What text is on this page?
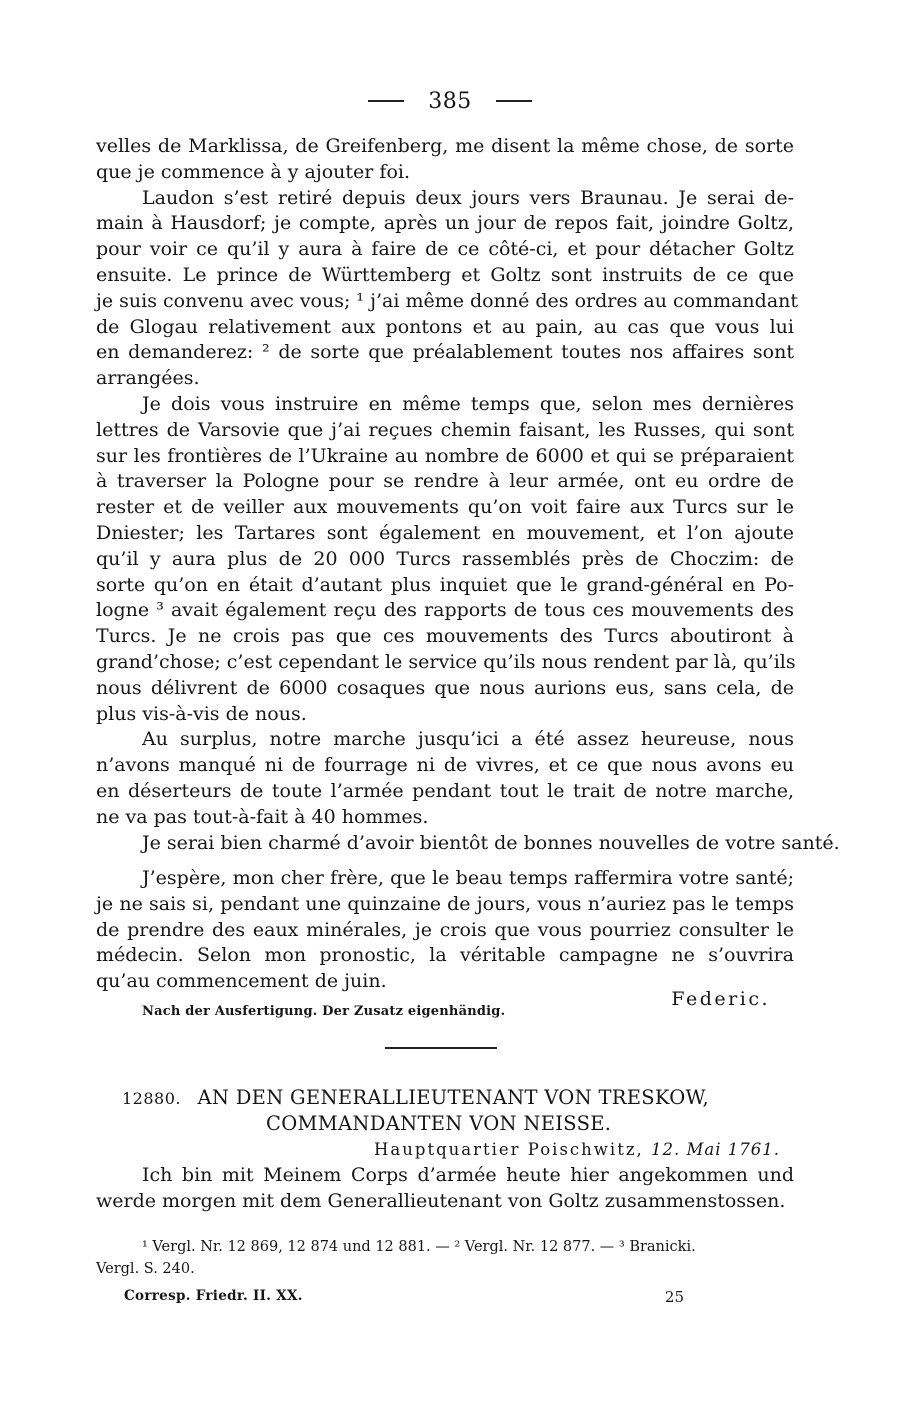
385
velles de Marklissa, de Greifenberg, me disent la même chose, de sorte
que je commence à y ajouter foi.
Laudon s’est retiré depuis deux jours vers Braunau. Je serai de-
main à Hausdorf; je compte, après un jour de repos fait, joindre Goltz,
pour voir ce qu’il y aura à faire de ce côté-ci, et pour détacher Goltz
ensuite. Le prince de Württemberg et Goltz sont instruits de ce que
je suis convenu avec vous; ¹ j’ai même donné des ordres au commandant
de Glogau relativement aux pontons et au pain, au cas que vous lui
en demanderez: ² de sorte que préalablement toutes nos affaires sont
arrangées.
Je dois vous instruire en même temps que, selon mes dernières
lettres de Varsovie que j’ai reçues chemin faisant, les Russes, qui sont
sur les frontières de l’Ukraine au nombre de 6000 et qui se préparaient
à traverser la Pologne pour se rendre à leur armée, ont eu ordre de
rester et de veiller aux mouvements qu’on voit faire aux Turcs sur le
Dniester; les Tartares sont également en mouvement, et l’on ajoute
qu’il y aura plus de 20 000 Turcs rassemblés près de Choczim: de
sorte qu’on en était d’autant plus inquiet que le grand-général en Po-
logne ³ avait également reçu des rapports de tous ces mouvements des
Turcs. Je ne crois pas que ces mouvements des Turcs aboutiront à
grand’chose; c’est cependant le service qu’ils nous rendent par là, qu’ils
nous délivrent de 6000 cosaques que nous aurions eus, sans cela, de
plus vis-à-vis de nous.
Au surplus, notre marche jusqu’ici a été assez heureuse, nous
n’avons manqué ni de fourrage ni de vivres, et ce que nous avons eu
en déserteurs de toute l’armée pendant tout le trait de notre marche,
ne va pas tout-à-fait à 40 hommes.
Je serai bien charmé d’avoir bientôt de bonnes nouvelles de votre santé.
J’espère, mon cher frère, que le beau temps raffermira votre santé;
je ne sais si, pendant une quinzaine de jours, vous n’auriez pas le temps
de prendre des eaux minérales, je crois que vous pourriez consulter le
médecin. Selon mon pronostic, la véritable campagne ne s’ouvrira
qu’au commencement de juin.
Nach der Ausfertigung. Der Zusatz eigenhändig.
Federic.
12880. AN DEN GENERALLIEUTENANT VON TRESKOW,
COMMANDANTEN VON NEISSE.
Hauptquartier Poischwitz, 12. Mai 1761.
Ich bin mit Meinem Corps d’armée heute hier angekommen und
werde morgen mit dem Generallieutenant von Goltz zusammenstossen.
¹ Vergl. Nr. 12 869, 12 874 und 12 881. — ² Vergl. Nr. 12 877. — ³ Branicki.
Vergl. S. 240.
Corresp. Friedr. II. XX.	25
